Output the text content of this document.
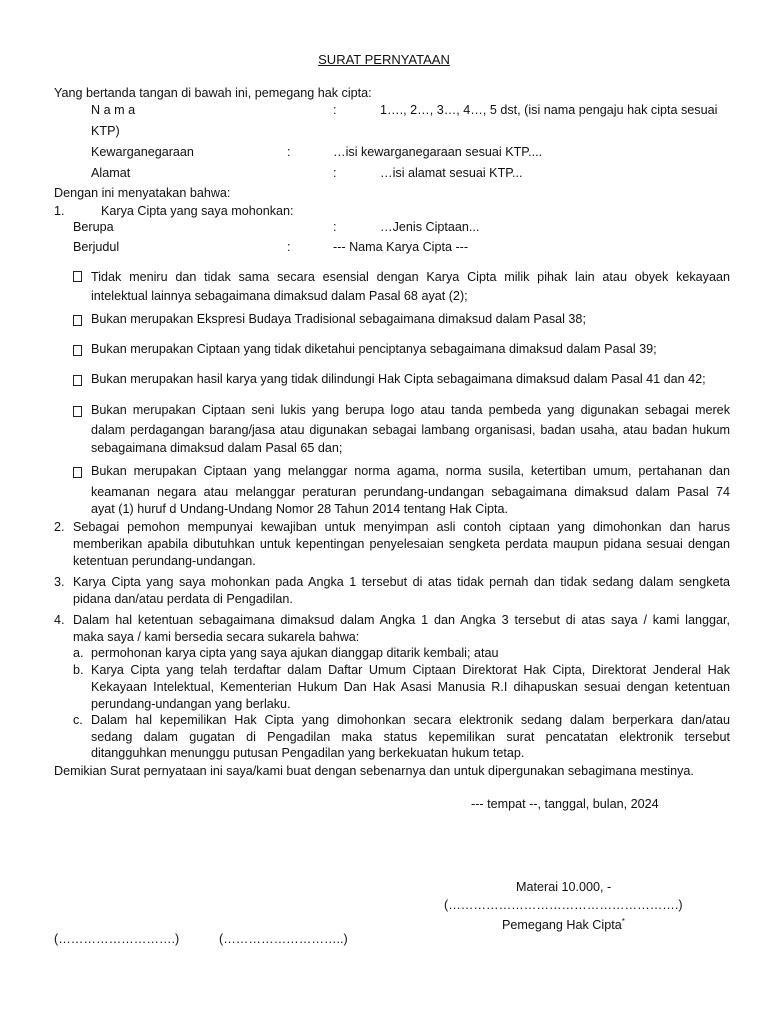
SURAT PERNYATAAN
Yang bertanda tangan di bawah ini, pemegang hak cipta:
N a m a	:	1…., 2…, 3…, 4…, 5 dst, (isi nama pengaju hak cipta sesuai
KTP)
Kewarganegaraan	:	…isi kewarganegaraan sesuai KTP....
Alamat	:	…isi alamat sesuai KTP...
Dengan ini menyatakan bahwa:
1.	Karya Cipta yang saya mohonkan:
Berupa	:	…Jenis Ciptaan...
Berjudul	:	--- Nama Karya Cipta ---
Tidak meniru dan tidak sama secara esensial dengan Karya Cipta milik pihak lain atau obyek kekayaan
intelektual lainnya sebagaimana dimaksud dalam Pasal 68 ayat (2);
Bukan merupakan Ekspresi Budaya Tradisional sebagaimana dimaksud dalam Pasal 38;
Bukan merupakan Ciptaan yang tidak diketahui penciptanya sebagaimana dimaksud dalam Pasal 39;
Bukan merupakan hasil karya yang tidak dilindungi Hak Cipta sebagaimana dimaksud dalam Pasal 41 dan 42;
Bukan merupakan Ciptaan seni lukis yang berupa logo atau tanda pembeda yang digunakan sebagai merek
dalam perdagangan barang/jasa atau digunakan sebagai lambang organisasi, badan usaha, atau badan hukum
sebagaimana dimaksud dalam Pasal 65 dan;
Bukan merupakan Ciptaan yang melanggar norma agama, norma susila, ketertiban umum, pertahanan dan
keamanan negara atau melanggar peraturan perundang-undangan sebagaimana dimaksud dalam Pasal 74
ayat (1) huruf d Undang-Undang Nomor 28 Tahun 2014 tentang Hak Cipta.
2. Sebagai pemohon mempunyai kewajiban untuk menyimpan asli contoh ciptaan yang dimohonkan dan harus
memberikan apabila dibutuhkan untuk kepentingan penyelesaian sengketa perdata maupun pidana sesuai dengan
ketentuan perundang-undangan.
3. Karya Cipta yang saya mohonkan pada Angka 1 tersebut di atas tidak pernah dan tidak sedang dalam sengketa
pidana dan/atau perdata di Pengadilan.
4. Dalam hal ketentuan sebagaimana dimaksud dalam Angka 1 dan Angka 3 tersebut di atas saya / kami langgar,
maka saya / kami bersedia secara sukarela bahwa:
a. permohonan karya cipta yang saya ajukan dianggap ditarik kembali; atau
b. Karya Cipta yang telah terdaftar dalam Daftar Umum Ciptaan Direktorat Hak Cipta, Direktorat Jenderal Hak
Kekayaan Intelektual, Kementerian Hukum Dan Hak Asasi Manusia R.I dihapuskan sesuai dengan ketentuan
perundang-undangan yang berlaku.
c. Dalam hal kepemilikan Hak Cipta yang dimohonkan secara elektronik sedang dalam berperkara dan/atau
sedang dalam gugatan di Pengadilan maka status kepemilikan surat pencatatan elektronik tersebut
ditangguhkan menunggu putusan Pengadilan yang berkekuatan hukum tetap.
Demikian Surat pernyataan ini saya/kami buat dengan sebenarnya dan untuk dipergunakan sebagimana mestinya.
--- tempat --, tanggal, bulan, 2024
Materai 10.000, -
(……………………………………………….)
Pemegang Hak Cipta*
(……………………….)	(………………………..)
